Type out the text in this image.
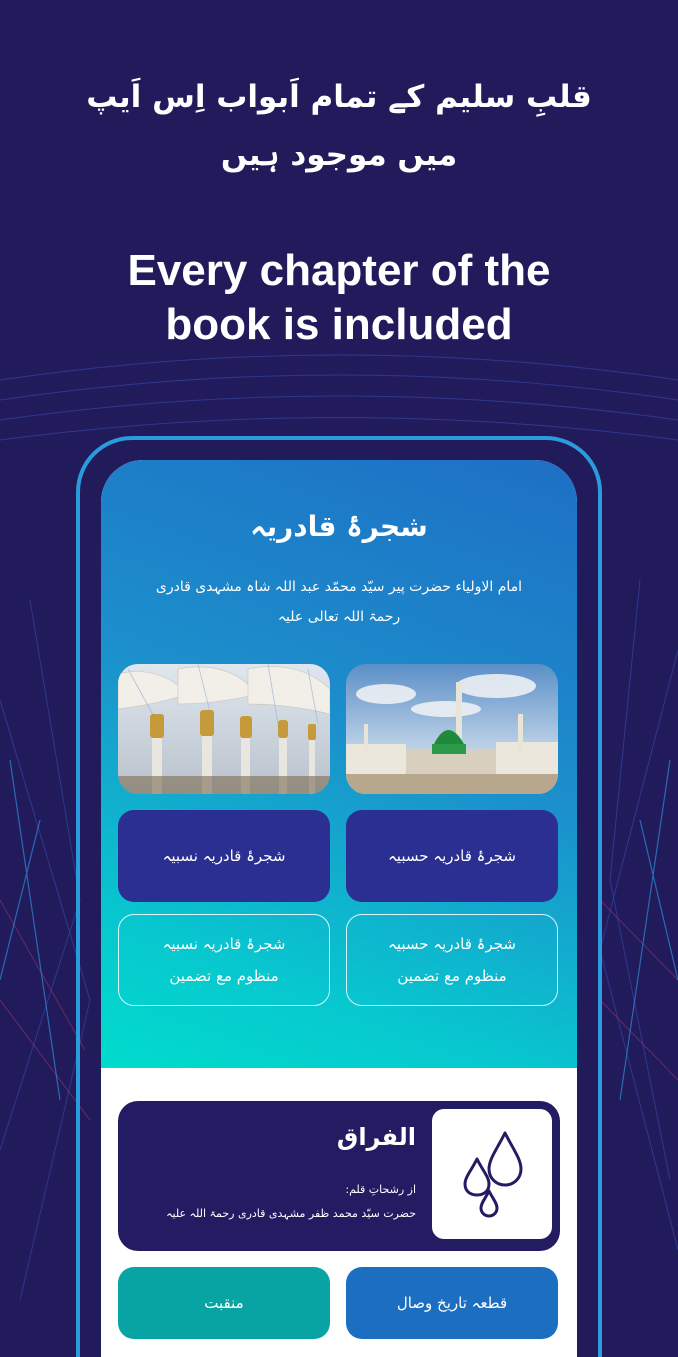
قلبِ سلیم کے تمام اَبواب اِس اَیپ
میں موجود ہیں
Every chapter of the
book is included
شجرۂ قادریہ
امام الاولیاء حضرت پیر سیّد محمّد عبد اللہ شاہ مشہدی قادری
رحمۃ اللہ تعالی علیہ
شجرۂ قادریہ حسبیہ
شجرۂ قادریہ نسبیہ
شجرۂ قادریہ حسبیہ
منظوم مع تضمین
شجرۂ قادریہ نسبیہ
منظوم مع تضمین
الفراق
از رشحاتِ قلم:
حضرت سیّد محمد ظفر مشہدی قادری رحمۃ اللہ علیہ
قطعہ تاریخ وصال
منقبت
